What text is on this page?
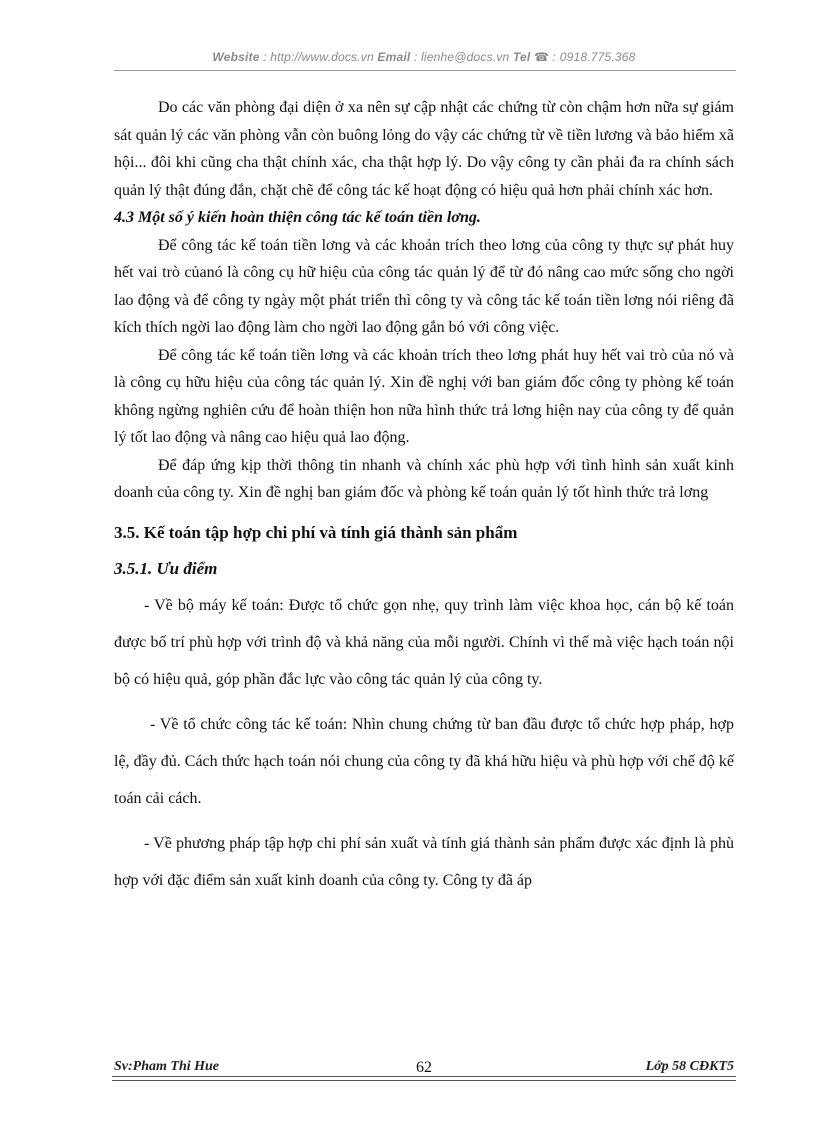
Website : http://www.docs.vn Email : lienhe@docs.vn Tel ☎ : 0918.775.368

Do các văn phòng đại diện ở xa nên sự cập nhật các chứng từ còn chậm hơn nữa sự giám sát quản lý các văn phòng vẫn còn buông lỏng do vậy các chứng từ về tiền lương và bảo hiểm xã hội... đôi khi cũng cha thật chính xác, cha thật hợp lý. Do vậy công ty cần phải đa ra chính sách quản lý thật đúng đắn, chặt chẽ để công tác kế hoạt động có hiệu quả hơn phải chính xác hơn.

4.3 Một số ý kiến hoàn thiện công tác kế toán tiền lơng.

Để công tác kế toán tiền lơng và các khoản trích theo lơng của công ty thực sự phát huy hết vai trò củanó là công cụ hữ hiệu của công tác quản lý để từ đó nâng cao mức sống cho ngời lao động và để công ty ngày một phát triển thì công ty và công tác kế toán tiền lơng nói riêng đã kích thích ngời lao động làm cho ngời lao động gắn bó với công việc.

Để công tác kế toán tiền lơng và các khoản trích theo lơng phát huy hết vai trò của nó và là công cụ hữu hiệu của công tác quản lý. Xin đề nghị với ban giám đốc công ty phòng kế toán không ngừng nghiên cứu để hoàn thiện hon nữa hình thức trả lơng hiện nay của công ty để quản lý tốt lao động và nâng cao hiệu quả lao động.

Để đáp ứng kịp thời thông tin nhanh và chính xác phù hợp với tình hình sản xuất kinh doanh của công ty. Xin đề nghị ban giám đốc và phòng kế toán quản lý tốt hình thức trả lơng

3.5. Kế toán tập hợp chi phí và tính giá thành sản phẩm
3.5.1. Ưu điểm

- Về bộ máy kế toán: Được tổ chức gọn nhẹ, quy trình làm việc khoa học, cán bộ kế toán được bố trí phù hợp với trình độ và khả năng của mỗi người. Chính vì thế mà việc hạch toán nội bộ có hiệu quả, góp phần đắc lực vào công tác quản lý của công ty.

- Về tổ chức công tác kế toán: Nhìn chung chứng từ ban đầu được tổ chức hợp pháp, hợp lệ, đầy đủ. Cách thức hạch toán nói chung của công ty đã khá hữu hiệu và phù hợp với chế độ kế toán cải cách.

- Về phương pháp tập hợp chi phí sản xuất và tính giá thành sản phẩm được xác định là phù hợp với đặc điểm sản xuất kinh doanh của công ty. Công ty đã áp

Sv:Pham Thi Hue	62	Lớp 58 CĐKT5
